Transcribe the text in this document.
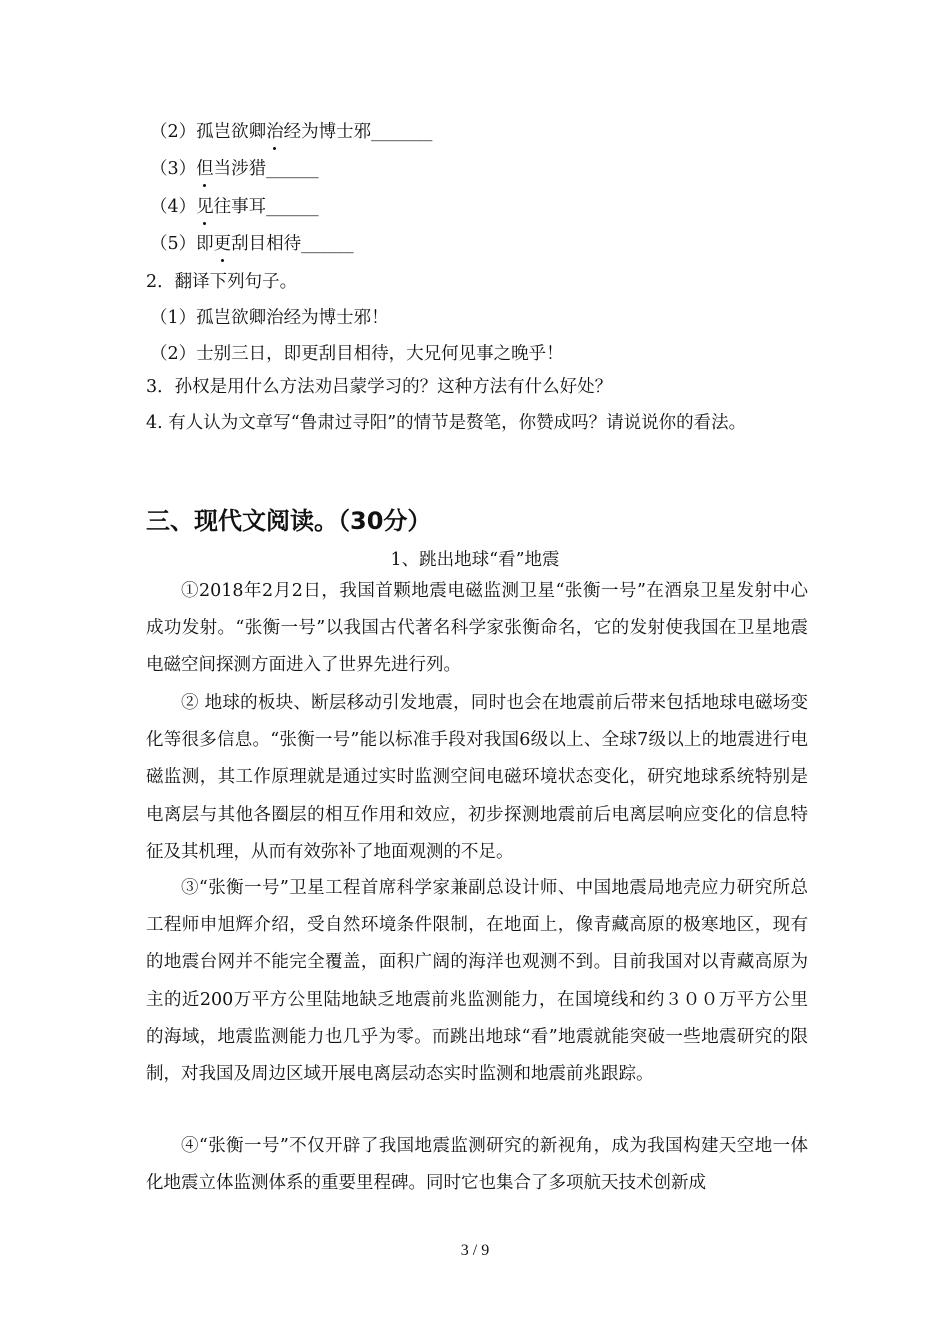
（2）孤岂欲卿治经为博士邪_______
（3）但当涉猎______
（4）见往事耳______
（5）即更刮目相待______
2．翻译下列句子。
（1）孤岂欲卿治经为博士邪！
（2）士别三日，即更刮目相待，大兄何见事之晚乎！
3．孙权是用什么方法劝吕蒙学习的？这种方法有什么好处？
4. 有人认为文章写“鲁肃过寻阳”的情节是赘笔，你赞成吗？请说说你的看法。
三、现代文阅读。（30分）
1、跳出地球“看”地震
①2018年2月2日，我国首颗地震电磁监测卫星“张衡一号”在酒泉卫星发射中心成功发射。“张衡一号”以我国古代著名科学家张衡命名，它的发射使我国在卫星地震电磁空间探测方面进入了世界先进行列。
② 地球的板块、断层移动引发地震，同时也会在地震前后带来包括地球电磁场变化等很多信息。“张衡一号”能以标准手段对我国6级以上、全球7级以上的地震进行电磁监测，其工作原理就是通过实时监测空间电磁环境状态变化，研究地球系统特别是电离层与其他各圈层的相互作用和效应，初步探测地震前后电离层响应变化的信息特征及其机理，从而有效弥补了地面观测的不足。
③“张衡一号”卫星工程首席科学家兼副总设计师、中国地震局地壳应力研究所总工程师申旭辉介绍，受自然环境条件限制，在地面上，像青藏高原的极寒地区，现有的地震台网并不能完全覆盖，面积广阔的海洋也观测不到。目前我国对以青藏高原为主的近200万平方公里陆地缺乏地震前兆监测能力，在国境线和约３００万平方公里的海域，地震监测能力也几乎为零。而跳出地球“看”地震就能突破一些地震研究的限制，对我国及周边区域开展电离层动态实时监测和地震前兆跟踪。
④“张衡一号”不仅开辟了我国地震监测研究的新视角，成为我国构建天空地一体化地震立体监测体系的重要里程碑。同时它也集合了多项航天技术创新成
3 / 9
